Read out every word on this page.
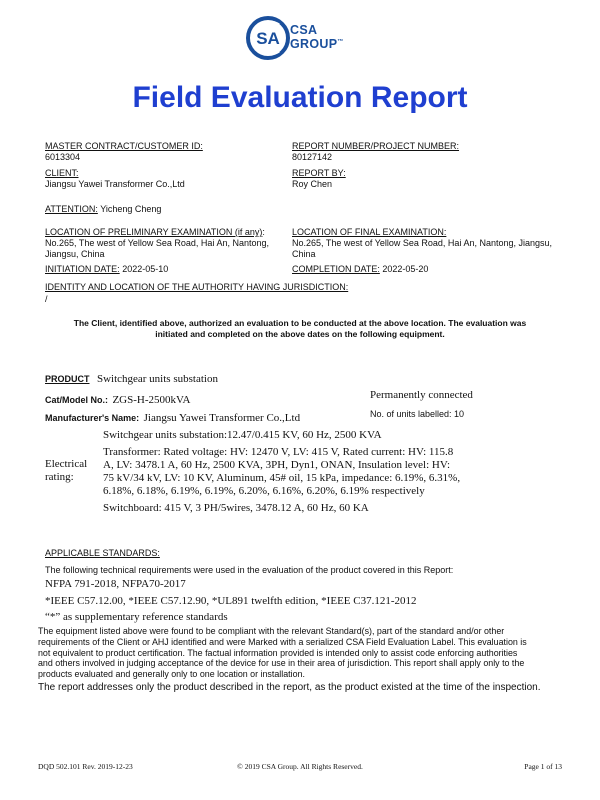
SA CSA
GROUP™
Field Evaluation Report
MASTER CONTRACT/CUSTOMER ID:
6013304
REPORT NUMBER/PROJECT NUMBER:
80127142
CLIENT:
Jiangsu Yawei Transformer Co.,Ltd
REPORT BY:
Roy Chen
ATTENTION: Yicheng Cheng
LOCATION OF PRELIMINARY EXAMINATION (if any):
No.265, The west of Yellow Sea Road, Hai An, Nantong,
Jiangsu, China
LOCATION OF FINAL EXAMINATION:
No.265, The west of Yellow Sea Road, Hai An, Nantong, Jiangsu,
China
INITIATION DATE: 2022-05-10	COMPLETION DATE: 2022-05-20
IDENTITY AND LOCATION OF THE AUTHORITY HAVING JURISDICTION:
/
The Client, identified above, authorized an evaluation to be conducted at the above location. The evaluation was
initiated and completed on the above dates on the following equipment.
PRODUCT Switchgear units substation
Cat/Model No.: ZGS-H-2500kVA	Permanently connected
Manufacturer's Name: Jiangsu Yawei Transformer Co.,Ltd	No. of units labelled: 10
Electrical
rating:
Switchgear units substation:12.47/0.415 KV, 60 Hz, 2500 KVA
Transformer: Rated voltage: HV: 12470 V, LV: 415 V, Rated current: HV: 115.8
A, LV: 3478.1 A, 60 Hz, 2500 KVA, 3PH, Dyn1, ONAN, Insulation level: HV:
75 kV/34 kV, LV: 10 KV, Aluminum, 45# oil, 15 kPa, impedance: 6.19%, 6.31%,
6.18%, 6.18%, 6.19%, 6.19%, 6.20%, 6.16%, 6.20%, 6.19% respectively
Switchboard: 415 V, 3 PH/5wires, 3478.12 A, 60 Hz, 60 KA
APPLICABLE STANDARDS:
The following technical requirements were used in the evaluation of the product covered in this Report:
NFPA 791-2018, NFPA70-2017
*IEEE C57.12.00, *IEEE C57.12.90, *UL891 twelfth edition, *IEEE C37.121-2012
“*” as supplementary reference standards
The equipment listed above were found to be compliant with the relevant Standard(s), part of the standard and/or other
requirements of the Client or AHJ identified and were Marked with a serialized CSA Field Evaluation Label. This evaluation is
not equivalent to product certification. The factual information provided is intended only to assist code enforcing authorities
and others involved in judging acceptance of the device for use in their area of jurisdiction. This report shall apply only to the
products evaluated and generally only to one location or installation.
The report addresses only the product described in the report, as the product existed at the time of the inspection.
DQD 502.101 Rev. 2019-12-23	© 2019 CSA Group. All Rights Reserved.	Page 1 of 13
